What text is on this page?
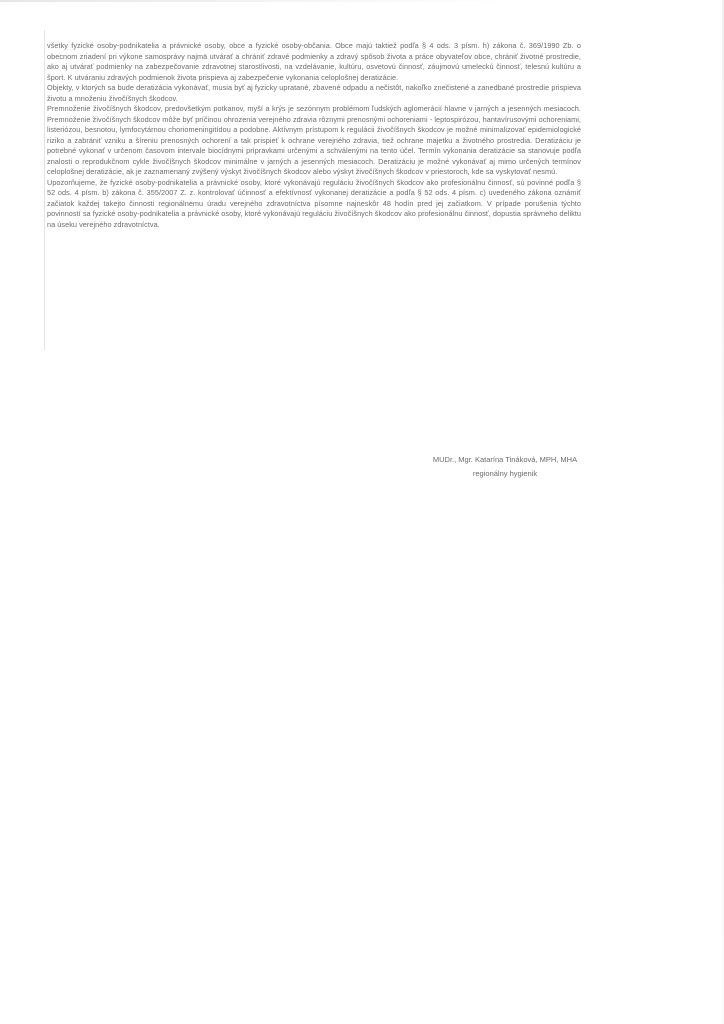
všetky fyzické osoby-podnikatelia a právnické osoby, obce a fyzické osoby-občania. Obce majú taktiež podľa § 4 ods. 3 písm. h) zákona č. 369/1990 Zb. o obecnom zriadení pri výkone samosprávy najmä utvárať a chrániť zdravé podmienky a zdravý spôsob života a práce obyvateľov obce, chrániť životné prostredie, ako aj utvárať podmienky na zabezpečovanie zdravotnej starostlivosti, na vzdelávanie, kultúru, osvetovú činnosť, záujmovú umeleckú činnosť, telesnú kultúru a šport. K utváraniu zdravých podmienok života prispieva aj zabezpečenie vykonania celoplošnej deratizácie.

Objekty, v ktorých sa bude deratizácia vykonávať, musia byť aj fyzicky upratané, zbavené odpadu a nečistôt, nakoľko znečistené a zanedbané prostredie prispieva životu a množeniu živočíšnych škodcov.

Premnoženie živočíšnych škodcov, predovšetkým potkanov, myší a krýs je sezónnym problémom ľudských aglomerácií hlavne v jarných a jesenných mesiacoch. Premnoženie živočíšnych škodcov môže byť príčinou ohrozenia verejného zdravia rôznymi prenosnými ochoreniami - leptospirózou, hantavírusovými ochoreniami, listeriózou, besnotou, lymfocytárnou choriomeningitídou a podobne. Aktívnym prístupom k regulácii živočíšnych škodcov je možné minimalizovať epidemiologické riziko a zabrániť vzniku a šíreniu prenosných ochorení a tak prispieť k ochrane verejného zdravia, tiež ochrane majetku a životného prostredia. Deratizáciu je potrebné vykonať v určenom časovom intervale biocídnymi prípravkami určenými a schválenými na tento účel. Termín vykonania deratizácie sa stanovuje podľa znalosti o reprodukčnom cykle živočíšnych škodcov minimálne v jarných a jesenných mesiacoch. Deratizáciu je možné vykonávať aj mimo určených termínov celoplošnej deratizácie, ak je zaznamenaný zvýšený výskyt živočíšnych škodcov alebo výskyt živočíšnych škodcov v priestoroch, kde sa vyskytovať nesmú.

Upozorňujeme, že fyzické osoby-podnikatelia a právnické osoby, ktoré vykonávajú reguláciu živočíšnych škodcov ako profesionálnu činnosť, sú povinné podľa § 52 ods. 4 písm. b) zákona č. 355/2007 Z. z. kontrolovať účinnosť a efektívnosť vykonanej deratizácie a podľa § 52 ods. 4 písm. c) uvedeného zákona oznámiť začiatok každej takejto činnosti regionálnemu úradu verejného zdravotníctva písomne najneskôr 48 hodín pred jej začiatkom. V prípade porušenia týchto povinností sa fyzické osoby-podnikatelia a právnické osoby, ktoré vykonávajú reguláciu živočíšnych škodcov ako profesionálnu činnosť, dopustia správneho deliktu na úseku verejného zdravotníctva.

MUDr., Mgr. Katarína Tináková, MPH, MHA
regionálny hygienik
